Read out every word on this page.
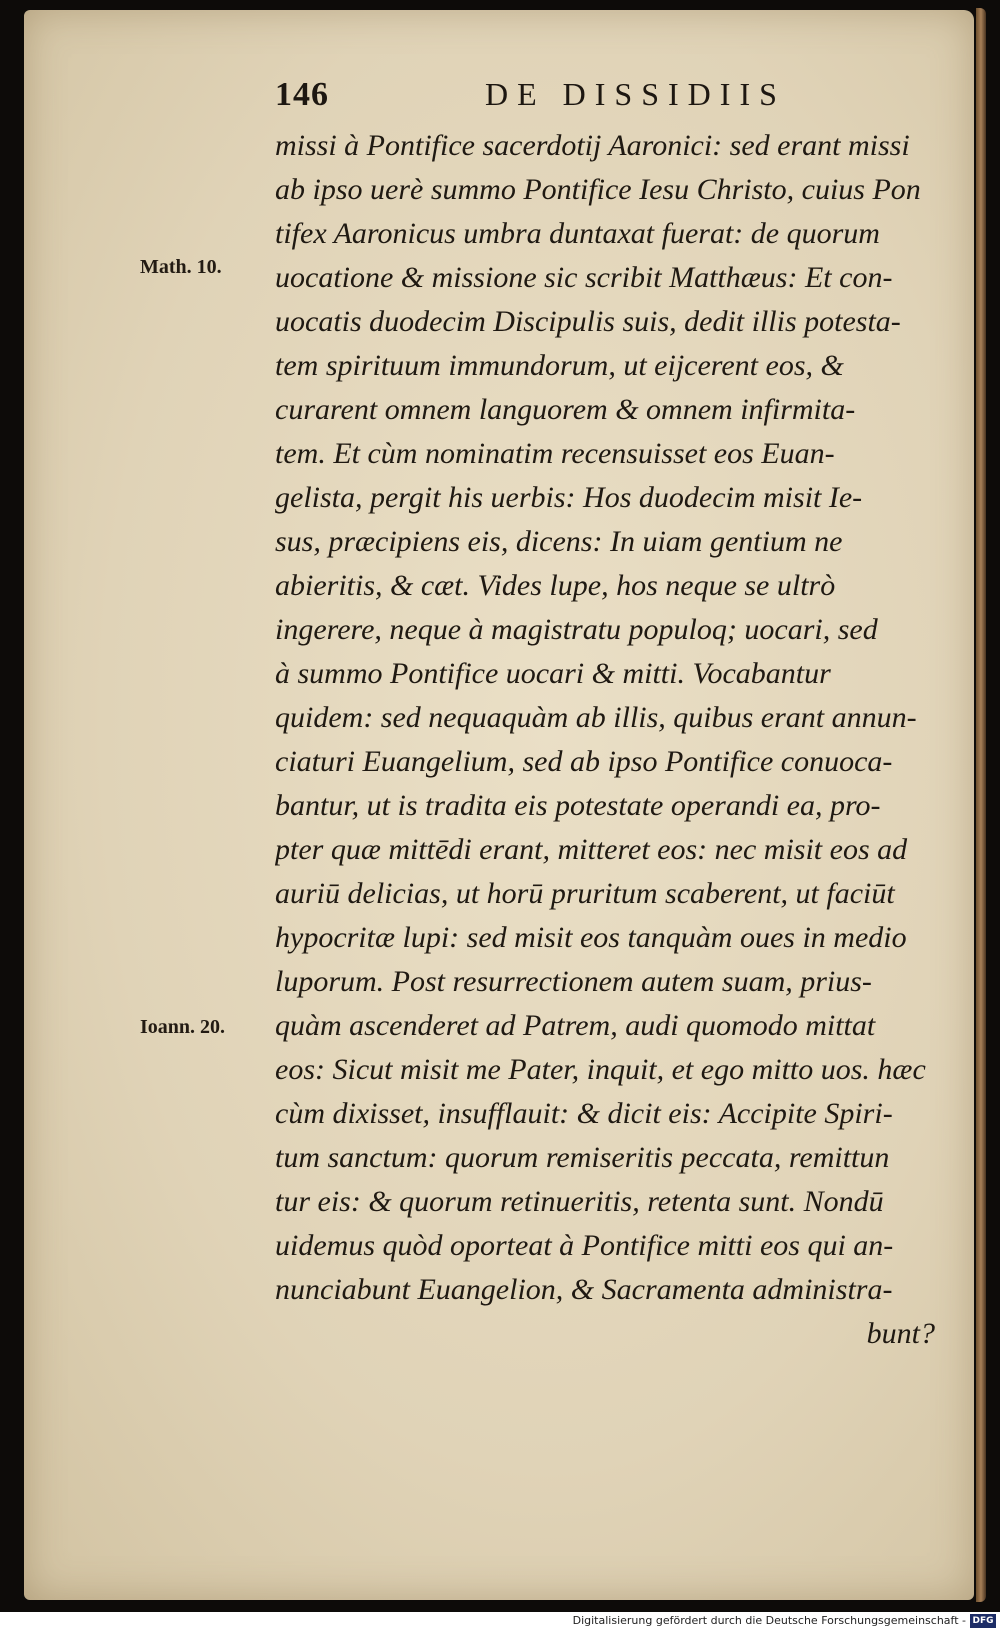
146	DE DISSIDIIS
Math. 10.
Ioann. 20.
missi à Pontifice sacerdotij Aaronici: sed erant missi
ab ipso uerè summo Pontifice Iesu Christo, cuius Pon
tifex Aaronicus umbra duntaxat fuerat: de quorum
uocatione & missione sic scribit Matthæus: Et con-
uocatis duodecim Discipulis suis, dedit illis potesta-
tem spirituum immundorum, ut eijcerent eos, &
curarent omnem languorem & omnem infirmita-
tem. Et cùm nominatim recensuisset eos Euan-
gelista, pergit his uerbis: Hos duodecim misit Ie-
sus, præcipiens eis, dicens: In uiam gentium ne
abieritis, & cæt. Vides lupe, hos neque se ultrò
ingerere, neque à magistratu populoq; uocari, sed
à summo Pontifice uocari & mitti. Vocabantur
quidem: sed nequaquàm ab illis, quibus erant annun-
ciaturi Euangelium, sed ab ipso Pontifice conuoca-
bantur, ut is tradita eis potestate operandi ea, pro-
pter quæ mittēdi erant, mitteret eos: nec misit eos ad
auriū delicias, ut horū pruritum scaberent, ut faciūt
hypocritæ lupi: sed misit eos tanquàm oues in medio
luporum. Post resurrectionem autem suam, prius-
quàm ascenderet ad Patrem, audi quomodo mittat
eos: Sicut misit me Pater, inquit, et ego mitto uos. hæc
cùm dixisset, insufflauit: & dicit eis: Accipite Spiri-
tum sanctum: quorum remiseritis peccata, remittun
tur eis: & quorum retinueritis, retenta sunt. Nondū
uidemus quòd oporteat à Pontifice mitti eos qui an-
nunciabunt Euangelion, & Sacramenta administra-
bunt?
Digitalisierung gefördert durch die Deutsche Forschungsgemeinschaft - DFG
